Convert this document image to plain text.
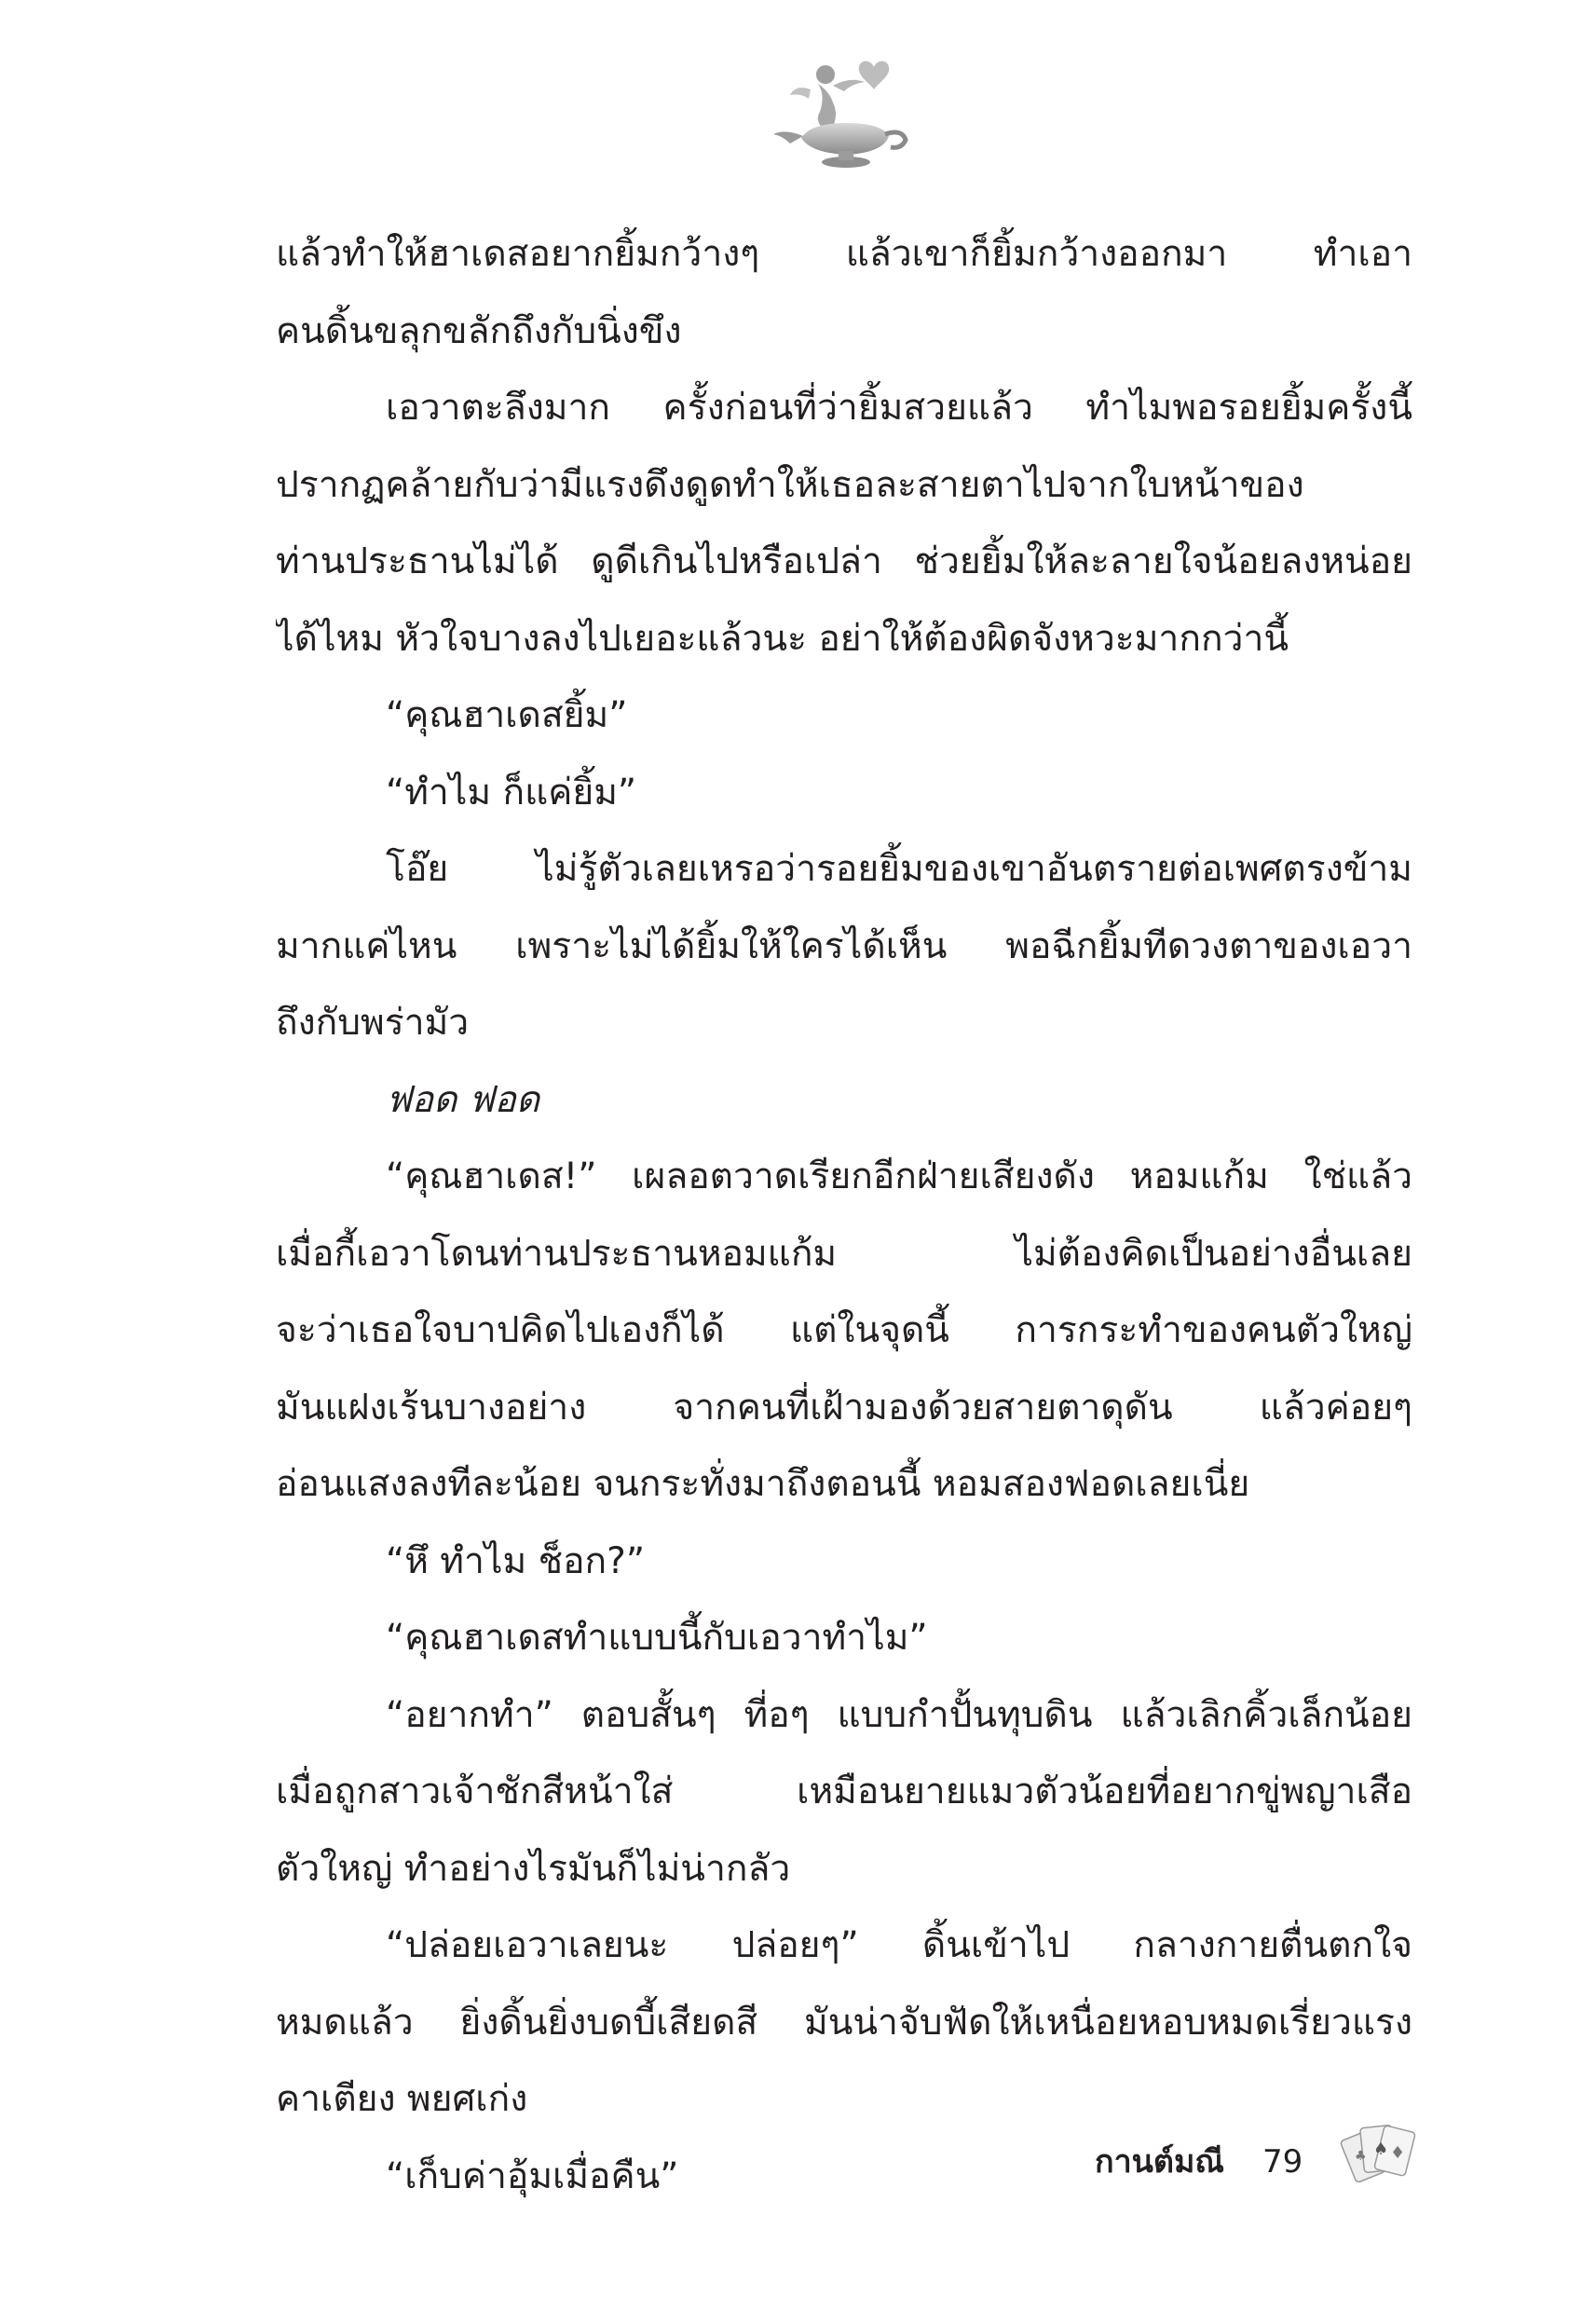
แล้วทำให้ฮาเดสอยากยิ้มกว้างๆ แล้วเขาก็ยิ้มกว้างออกมา ทำเอา
คนดิ้นขลุกขลักถึงกับนิ่งขึง
เอวาตะลึงมาก ครั้งก่อนที่ว่ายิ้มสวยแล้ว ทำไมพอรอยยิ้มครั้งนี้
ปรากฏคล้ายกับว่ามีแรงดึงดูดทำให้เธอละสายตาไปจากใบหน้าของ
ท่านประธานไม่ได้ ดูดีเกินไปหรือเปล่า ช่วยยิ้มให้ละลายใจน้อยลงหน่อย
ได้ไหม หัวใจบางลงไปเยอะแล้วนะ อย่าให้ต้องผิดจังหวะมากกว่านี้
“คุณฮาเดสยิ้ม”
“ทำไม ก็แค่ยิ้ม”
โอ๊ย ไม่รู้ตัวเลยเหรอว่ารอยยิ้มของเขาอันตรายต่อเพศตรงข้าม
มากแค่ไหน เพราะไม่ได้ยิ้มให้ใครได้เห็น พอฉีกยิ้มทีดวงตาของเอวา
ถึงกับพร่ามัว
ฟอด ฟอด
“คุณฮาเดส!” เผลอตวาดเรียกอีกฝ่ายเสียงดัง หอมแก้ม ใช่แล้ว
เมื่อกี้เอวาโดนท่านประธานหอมแก้ม ไม่ต้องคิดเป็นอย่างอื่นเลย
จะว่าเธอใจบาปคิดไปเองก็ได้ แต่ในจุดนี้ การกระทำของคนตัวใหญ่
มันแฝงเร้นบางอย่าง จากคนที่เฝ้ามองด้วยสายตาดุดัน แล้วค่อยๆ
อ่อนแสงลงทีละน้อย จนกระทั่งมาถึงตอนนี้ หอมสองฟอดเลยเนี่ย
“หึ ทำไม ช็อก?”
“คุณฮาเดสทำแบบนี้กับเอวาทำไม”
“อยากทำ” ตอบสั้นๆ ที่อๆ แบบกำปั้นทุบดิน แล้วเลิกคิ้วเล็กน้อย
เมื่อถูกสาวเจ้าชักสีหน้าใส่ เหมือนยายแมวตัวน้อยที่อยากขู่พญาเสือ
ตัวใหญ่ ทำอย่างไรมันก็ไม่น่ากลัว
“ปล่อยเอวาเลยนะ ปล่อยๆ” ดิ้นเข้าไป กลางกายตื่นตกใจ
หมดแล้ว ยิ่งดิ้นยิ่งบดบี้เสียดสี มันน่าจับฟัดให้เหนื่อยหอบหมดเรี่ยวแรง
คาเตียง พยศเก่ง
“เก็บค่าอุ้มเมื่อคืน”	กานต์มณี 79	♠ ♦
♣
